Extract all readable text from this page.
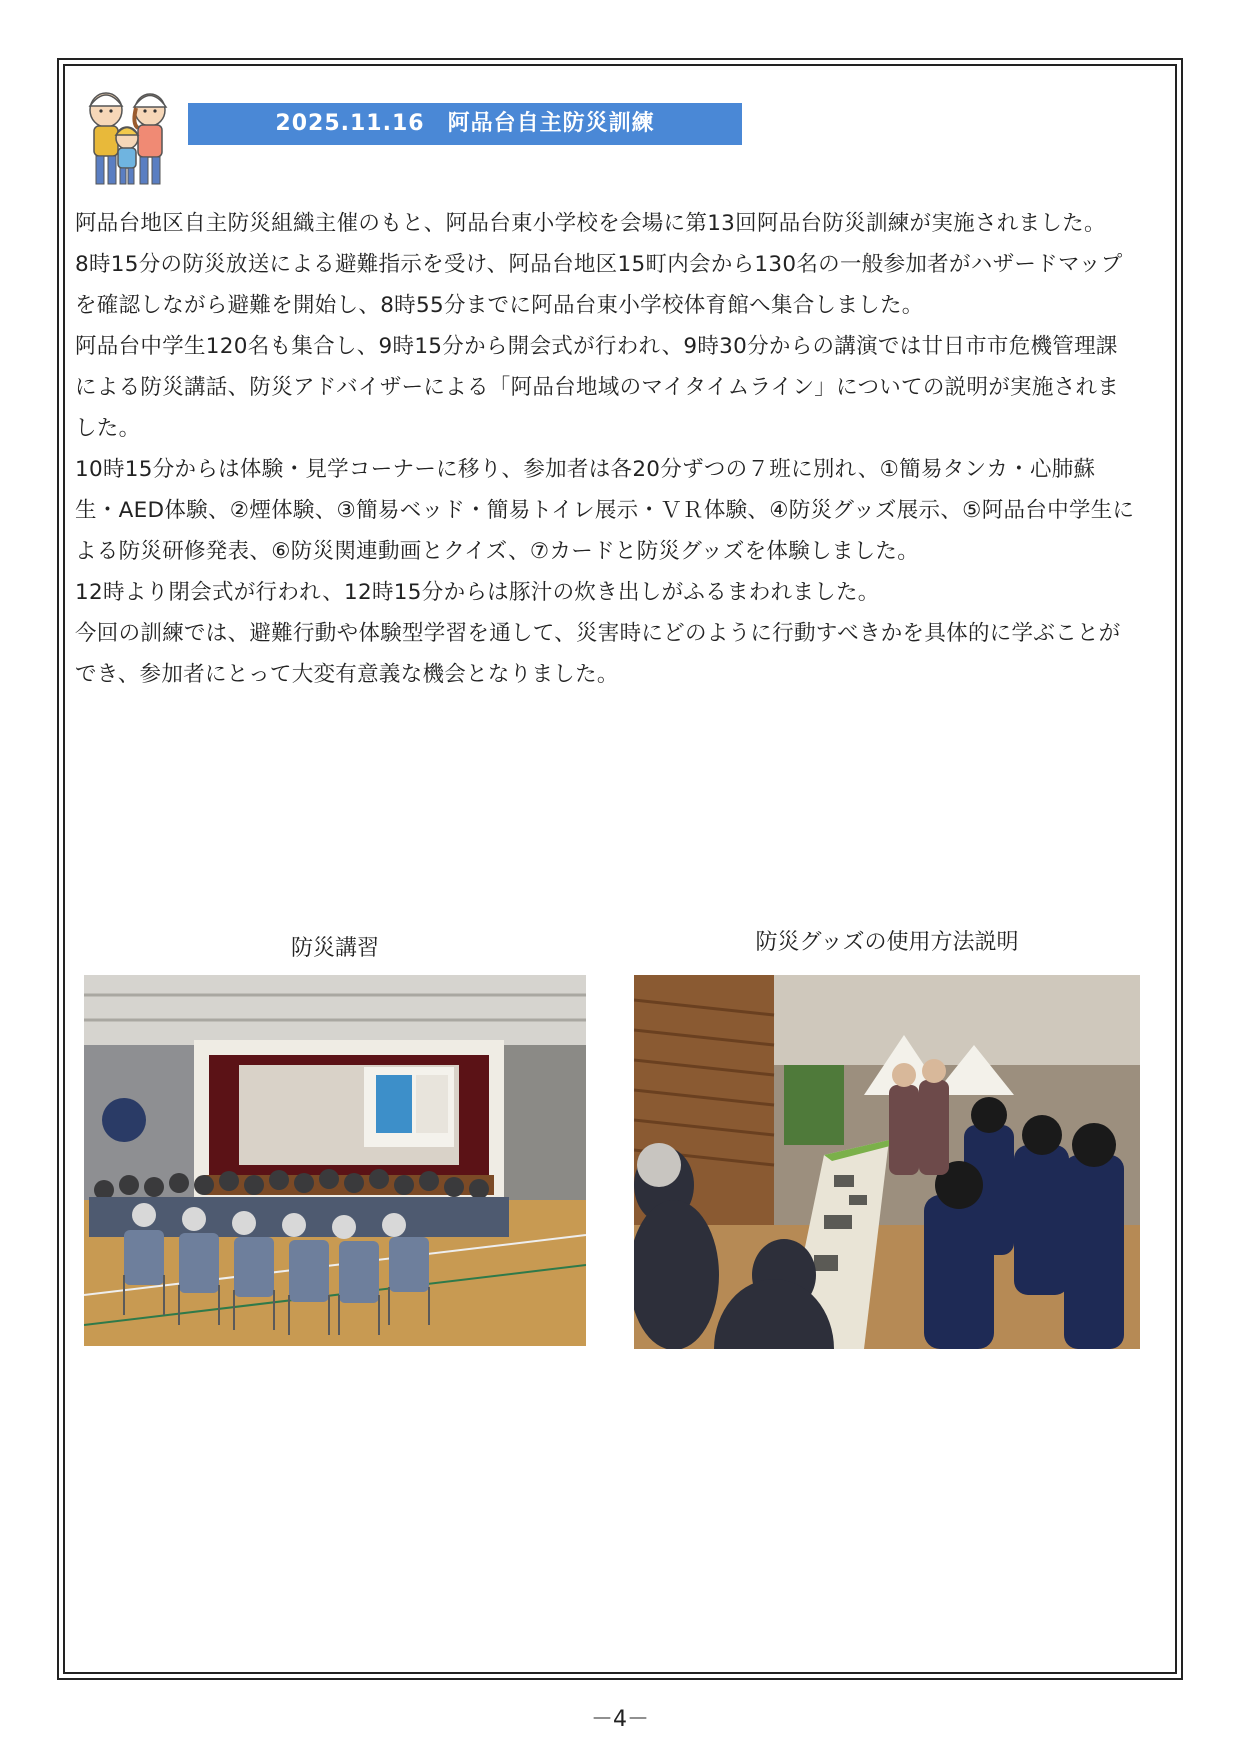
2025.11.16　阿品台自主防災訓練

阿品台地区自主防災組織主催のもと、阿品台東小学校を会場に第13回阿品台防災訓練が実施されました。

8時15分の防災放送による避難指示を受け、阿品台地区15町内会から130名の一般参加者がハザードマップを確認しながら避難を開始し、8時55分までに阿品台東小学校体育館へ集合しました。

阿品台中学生120名も集合し、9時15分から開会式が行われ、9時30分からの講演では廿日市市危機管理課による防災講話、防災アドバイザーによる「阿品台地域のマイタイムライン」についての説明が実施されました。

10時15分からは体験・見学コーナーに移り、参加者は各20分ずつの７班に別れ、①簡易タンカ・心肺蘇生・AED体験、②煙体験、③簡易ベッド・簡易トイレ展示・ＶＲ体験、④防災グッズ展示、⑤阿品台中学生による防災研修発表、⑥防災関連動画とクイズ、⑦カードと防災グッズを体験しました。

12時より閉会式が行われ、12時15分からは豚汁の炊き出しがふるまわれました。

今回の訓練では、避難行動や体験型学習を通して、災害時にどのように行動すべきかを具体的に学ぶことができ、参加者にとって大変有意義な機会となりました。

防災講習	防災グッズの使用方法説明
－4－
